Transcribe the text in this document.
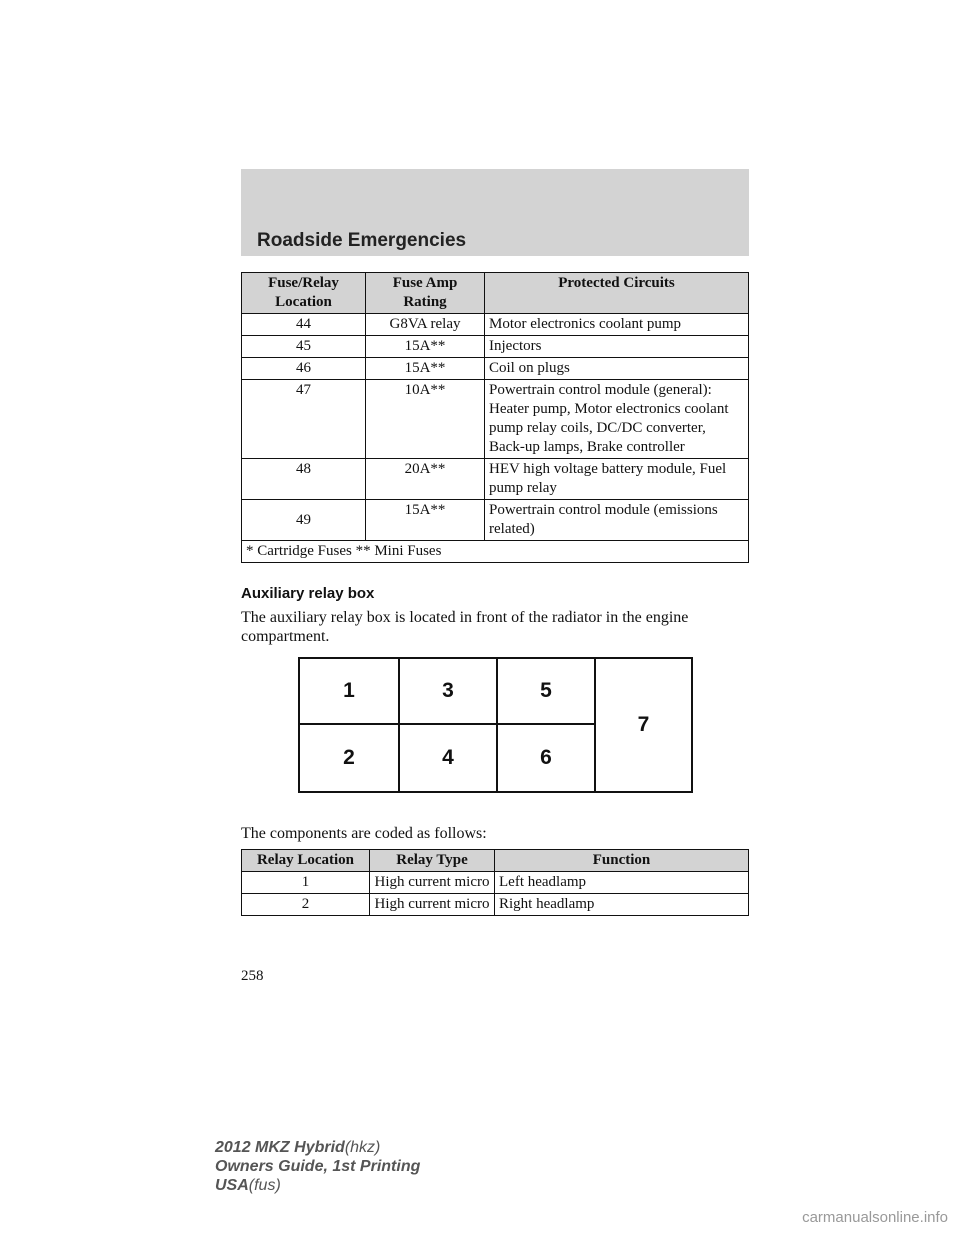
Roadside Emergencies
Fuse/Relay Location	Fuse Amp Rating	Protected Circuits
44	G8VA relay	Motor electronics coolant pump
45	15A**	Injectors
46	15A**	Coil on plugs
47	10A**	Powertrain control module (general): Heater pump, Motor electronics coolant pump relay coils, DC/DC converter, Back-up lamps, Brake controller
48	20A**	HEV high voltage battery module, Fuel pump relay
49	15A**	Powertrain control module (emissions related)
* Cartridge Fuses ** Mini Fuses		
Auxiliary relay box
The auxiliary relay box is located in front of the radiator in the engine compartment.
1	3	5
2	4	6
7
The components are coded as follows:
Relay Location	Relay Type	Function
1	High current micro	Left headlamp
2	High current micro	Right headlamp
258
2012 MKZ Hybrid(hkz)
Owners Guide, 1st Printing
USA(fus)
carmanualsonline.info
